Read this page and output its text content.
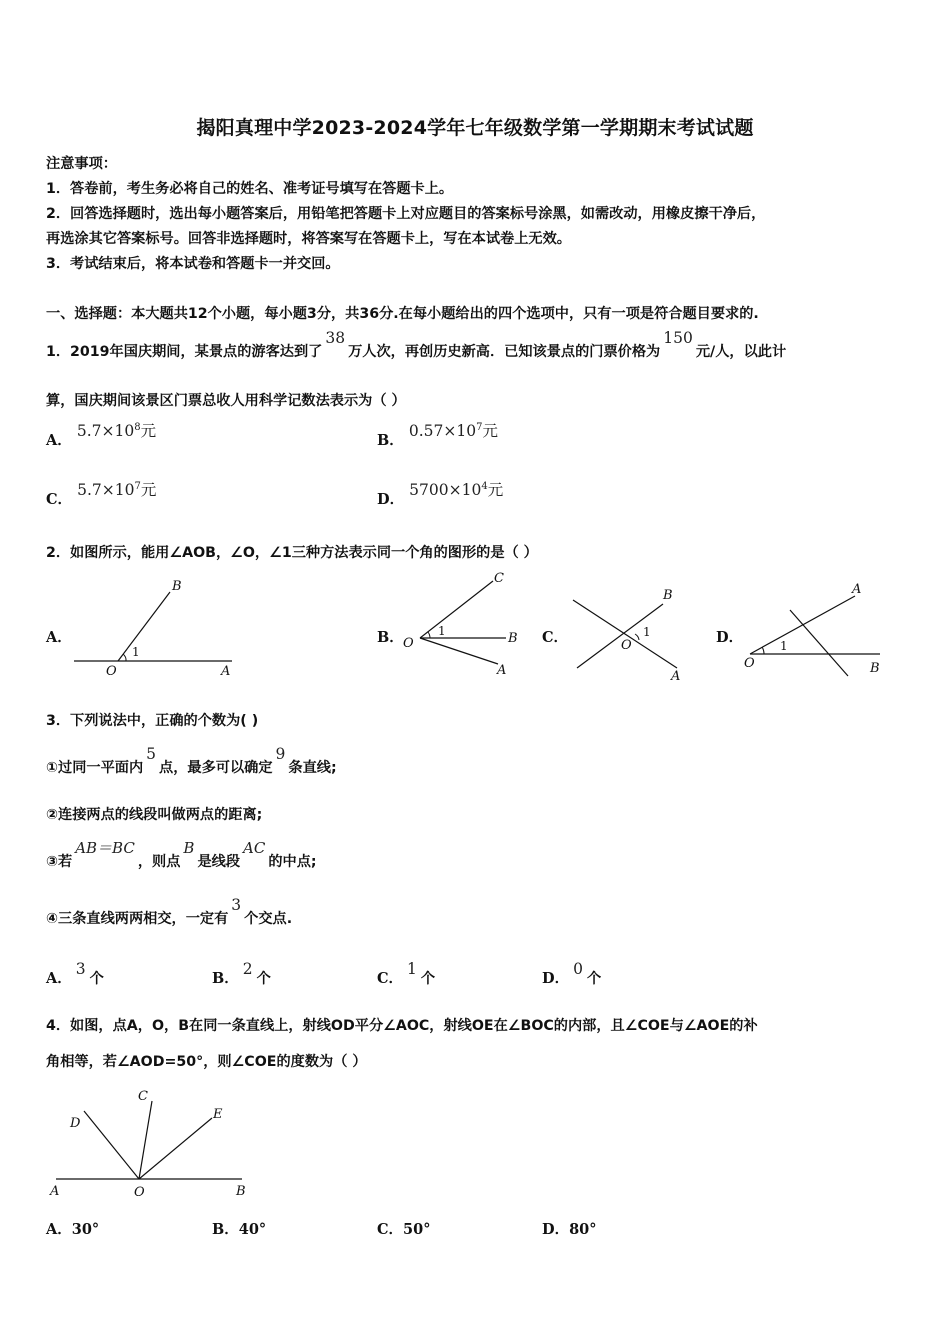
揭阳真理中学2023-2024学年七年级数学第一学期期末考试试题
注意事项：
1．答卷前，考生务必将自己的姓名、准考证号填写在答题卡上。
2．回答选择题时，选出每小题答案后，用铅笔把答题卡上对应题目的答案标号涂黑，如需改动，用橡皮擦干净后，
再选涂其它答案标号。回答非选择题时，将答案写在答题卡上，写在本试卷上无效。
3．考试结束后，将本试卷和答题卡一并交回。
一、选择题：本大题共12个小题，每小题3分，共36分.在每小题给出的四个选项中，只有一项是符合题目要求的.
1．2019年国庆期间，某景点的游客达到了38万人次，再创历史新高．已知该景点的门票价格为150元/人，以此计
算，国庆期间该景区门票总收人用科学记数法表示为（ ）
A． $5.7\times 10^8$元
B． $0.57\times 10^7$元
C． $5.7\times 10^7$元
D． $5700\times 10^4$元
2．如图所示，能用∠AOB，∠O，∠1三种方法表示同一个角的图形的是（ ）
A．
B
O	A
1
B．
C
O	B
A
1	C．
B
O
A
1	D．
A
O	B
1
3．下列说法中，正确的个数为( )
①过同一平面内5点，最多可以确定9条直线;
②连接两点的线段叫做两点的距离;
③若AB＝BC，则点B是线段AC的中点;
④三条直线两两相交，一定有3个交点.
A．3个	B．2个	C．1个	D．0个
4．如图，点A，O，B在同一条直线上，射线OD平分∠AOC，射线OE在∠BOC的内部，且∠COE与∠AOE的补
角相等，若∠AOD=50°，则∠COE的度数为（ ）
C
D
E
A	O	B
A．30°	B．40°	C．50°	D．80°
